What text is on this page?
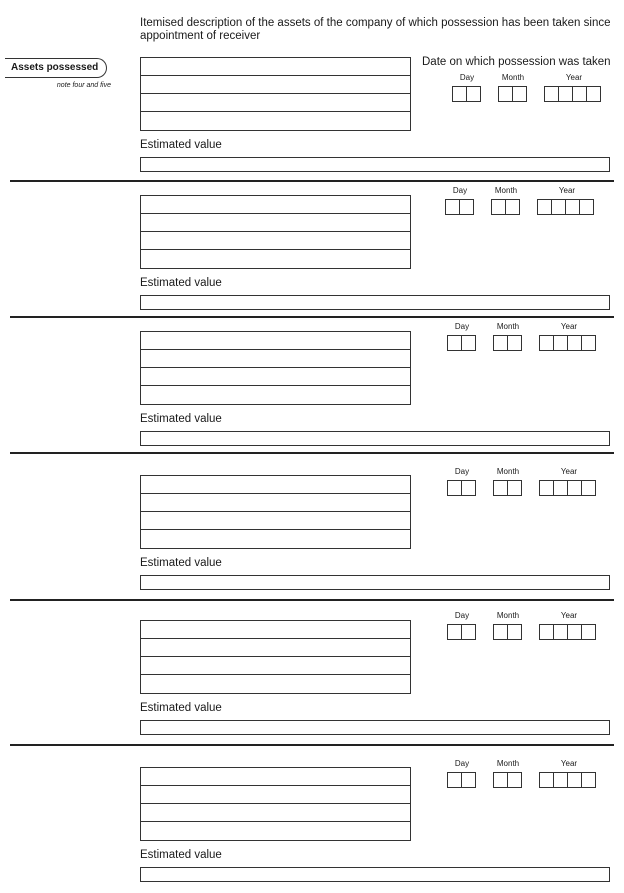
Itemised description of the assets of the company of which possession has been taken since appointment of receiver
Assets possessed
note four and five
Date on which possession was taken
Estimated value
Day	Month	Year
Estimated value
Day	Month	Year
Estimated value
Day	Month	Year
Estimated value
Day	Month	Year
Estimated value
Day	Month	Year
Estimated value
Day	Month	Year
